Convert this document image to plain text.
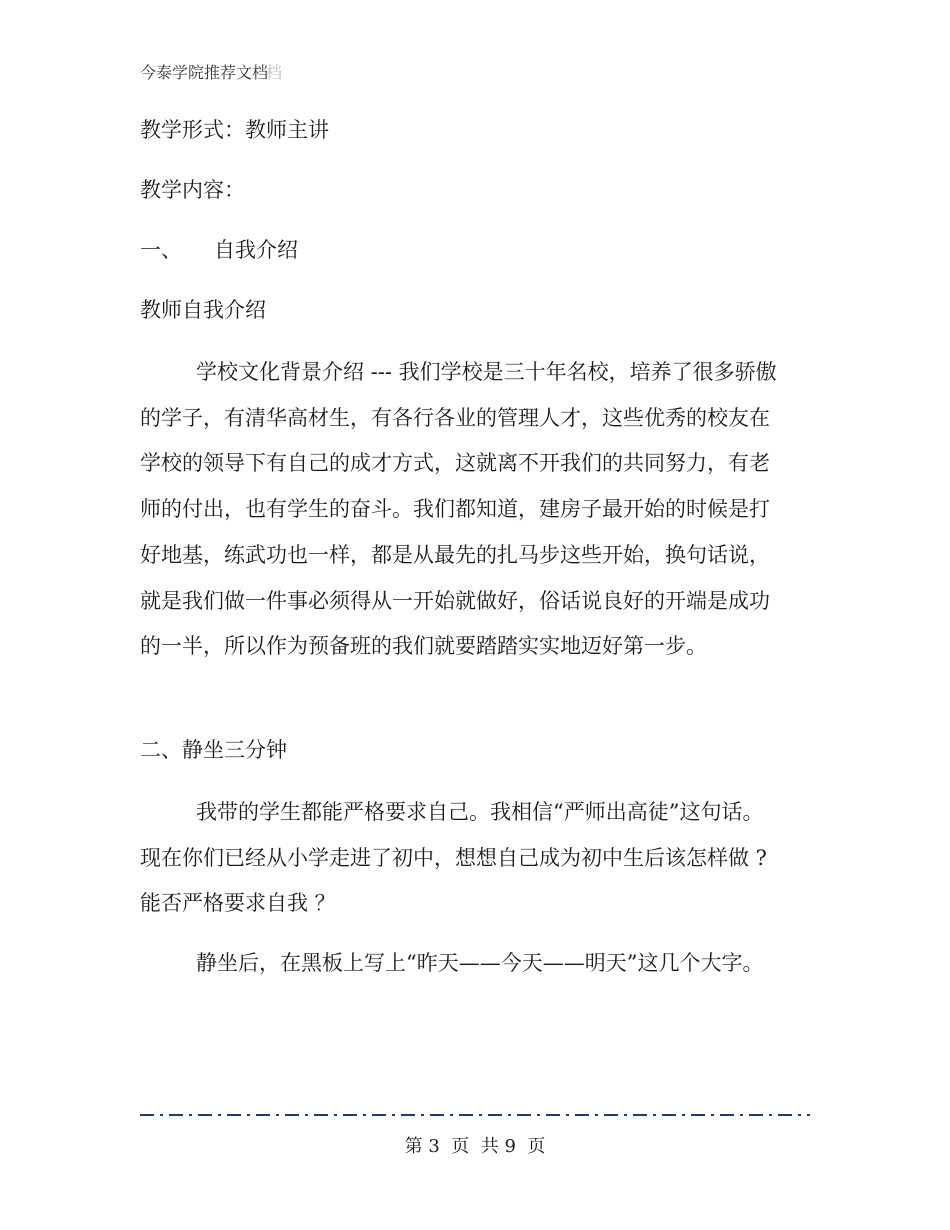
今泰学院推荐文档档
教学形式：教师主讲
教学内容：
一、 自我介绍
教师自我介绍

学校文化背景介绍 --- 我们学校是三十年名校，培养了很多骄傲的学子，有清华高材生，有各行各业的管理人才，这些优秀的校友在学校的领导下有自己的成才方式，这就离不开我们的共同努力，有老师的付出，也有学生的奋斗。我们都知道，建房子最开始的时候是打好地基，练武功也一样，都是从最先的扎马步这些开始，换句话说，就是我们做一件事必须得从一开始就做好，俗话说良好的开端是成功的一半，所以作为预备班的我们就要踏踏实实地迈好第一步。

二、静坐三分钟

我带的学生都能严格要求自己。我相信“严师出高徒”这句话。现在你们已经从小学走进了初中，想想自己成为初中生后该怎样做 ?能否严格要求自我 ？

静坐后，在黑板上写上“昨天——今天——明天”这几个大字。

第 3  页  共 9  页
